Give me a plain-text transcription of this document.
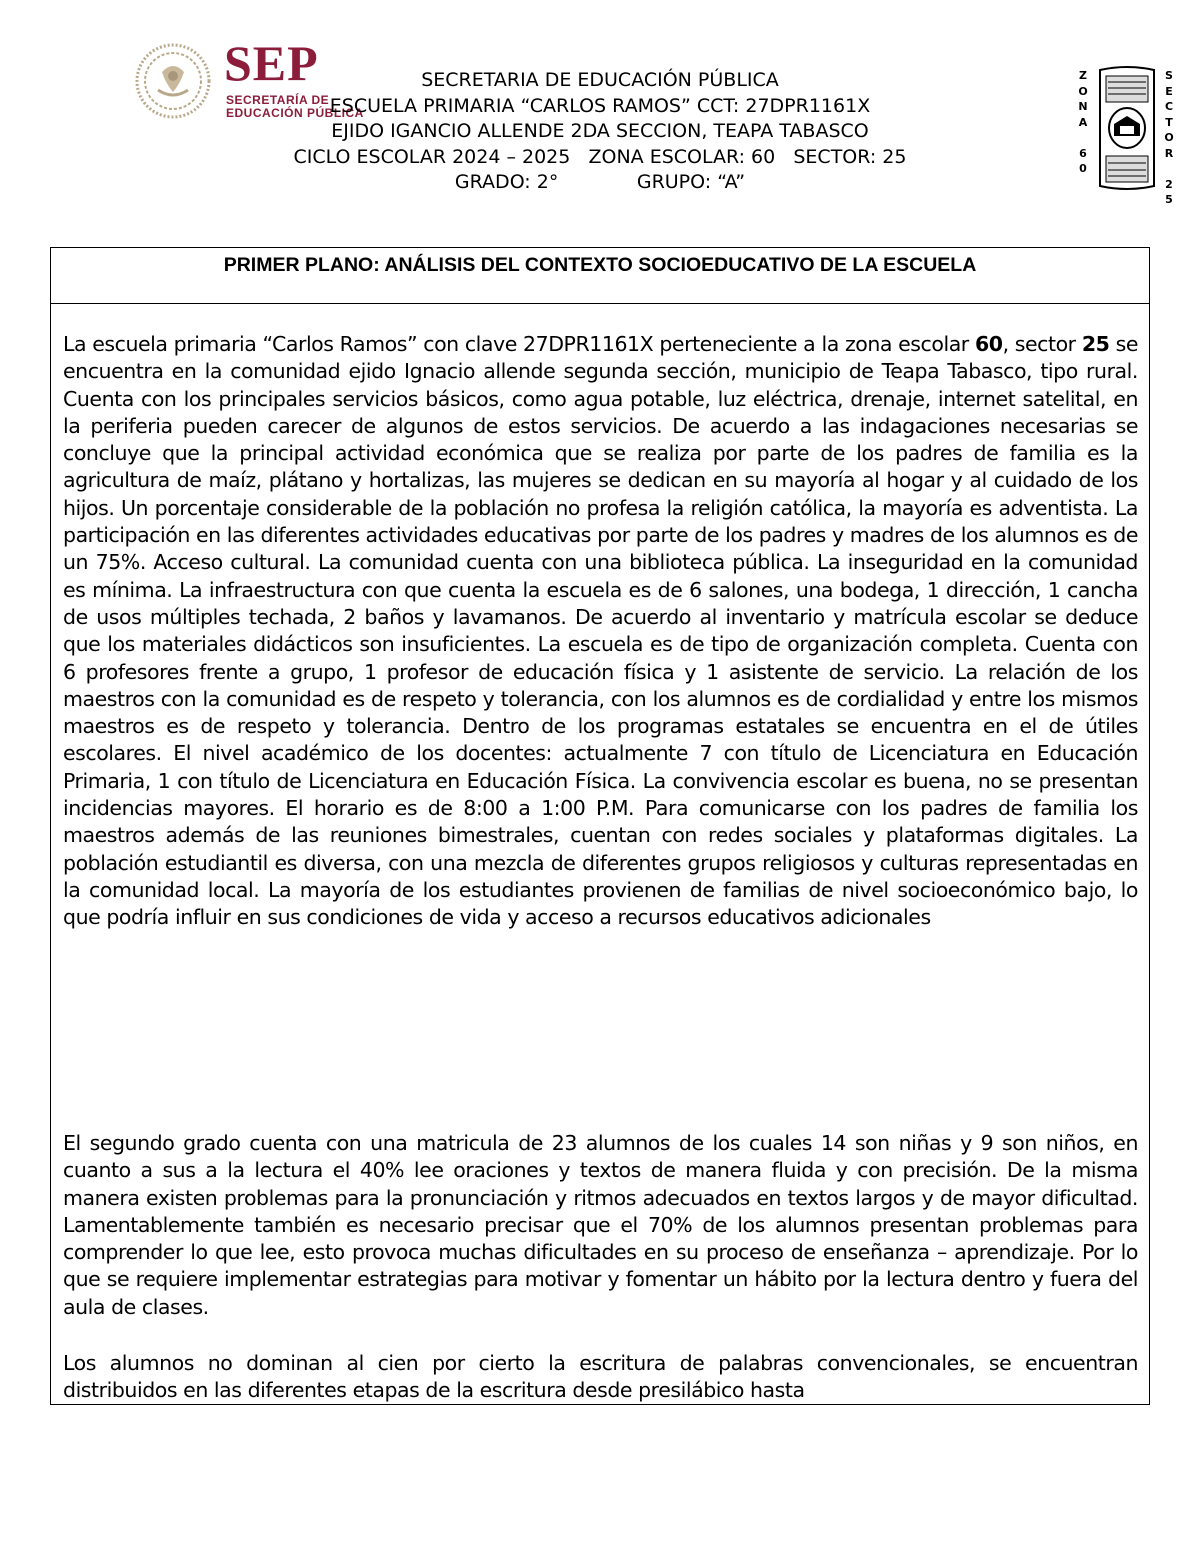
SEP
SECRETARÍA DE
EDUCACIÓN PÚBLICA
Z
O
N
A

6
0
S
E
C
T
O
R

2
5
SECRETARIA DE EDUCACIÓN PÚBLICA
ESCUELA PRIMARIA “CARLOS RAMOS” CCT: 27DPR1161X
EJIDO IGANCIO ALLENDE 2DA SECCION, TEAPA TABASCO
CICLO ESCOLAR 2024 – 2025   ZONA ESCOLAR: 60   SECTOR: 25
GRADO: 2°             GRUPO: “A”
PRIMER PLANO: ANÁLISIS DEL CONTEXTO SOCIOEDUCATIVO DE LA ESCUELA
La escuela primaria “Carlos Ramos” con clave 27DPR1161X perteneciente a la zona escolar 60, sector 25 se encuentra en la comunidad ejido Ignacio allende segunda sección, municipio de Teapa Tabasco, tipo rural. Cuenta con los principales servicios básicos, como agua potable, luz eléctrica, drenaje, internet satelital, en la periferia pueden carecer de algunos de estos servicios. De acuerdo a las indagaciones necesarias se concluye que la principal actividad económica que se realiza por parte de los padres de familia es la agricultura de maíz, plátano y hortalizas, las mujeres se dedican en su mayoría al hogar y al cuidado de los hijos. Un porcentaje considerable de la población no profesa la religión católica, la mayoría es adventista. La participación en las diferentes actividades educativas por parte de los padres y madres de los alumnos es de un 75%. Acceso cultural. La comunidad cuenta con una biblioteca pública. La inseguridad en la comunidad es mínima. La infraestructura con que cuenta la escuela es de 6 salones, una bodega, 1 dirección, 1 cancha de usos múltiples techada, 2 baños y lavamanos. De acuerdo al inventario y matrícula escolar se deduce que los materiales didácticos son insuficientes. La escuela es de tipo de organización completa. Cuenta con 6 profesores frente a grupo, 1 profesor de educación física y 1 asistente de servicio. La relación de los maestros con la comunidad es de respeto y tolerancia, con los alumnos es de cordialidad y entre los mismos maestros es de respeto y tolerancia. Dentro de los programas estatales se encuentra en el de útiles escolares. El nivel académico de los docentes: actualmente 7 con título de Licenciatura en Educación Primaria, 1 con título de Licenciatura en Educación Física. La convivencia escolar es buena, no se presentan incidencias mayores. El horario es de 8:00 a 1:00 P.M. Para comunicarse con los padres de familia los maestros además de las reuniones bimestrales, cuentan con redes sociales y plataformas digitales. La población estudiantil es diversa, con una mezcla de diferentes grupos religiosos y culturas representadas en la comunidad local. La mayoría de los estudiantes provienen de familias de nivel socioeconómico bajo, lo que podría influir en sus condiciones de vida y acceso a recursos educativos adicionales
El segundo grado cuenta con una matricula de 23 alumnos de los cuales 14 son niñas y 9 son niños, en cuanto a sus a la lectura el 40% lee oraciones y textos de manera fluida y con precisión. De la misma manera existen problemas para la pronunciación y ritmos adecuados en textos largos y de mayor dificultad. Lamentablemente también es necesario precisar que el 70% de los alumnos presentan problemas para comprender lo que lee, esto provoca muchas dificultades en su proceso de enseñanza – aprendizaje. Por lo que se requiere implementar estrategias para motivar y fomentar un hábito por la lectura dentro y fuera del aula de clases.
Los alumnos no dominan al cien por cierto la escritura de palabras convencionales, se encuentran distribuidos en las diferentes etapas de la escritura desde presilábico hasta
